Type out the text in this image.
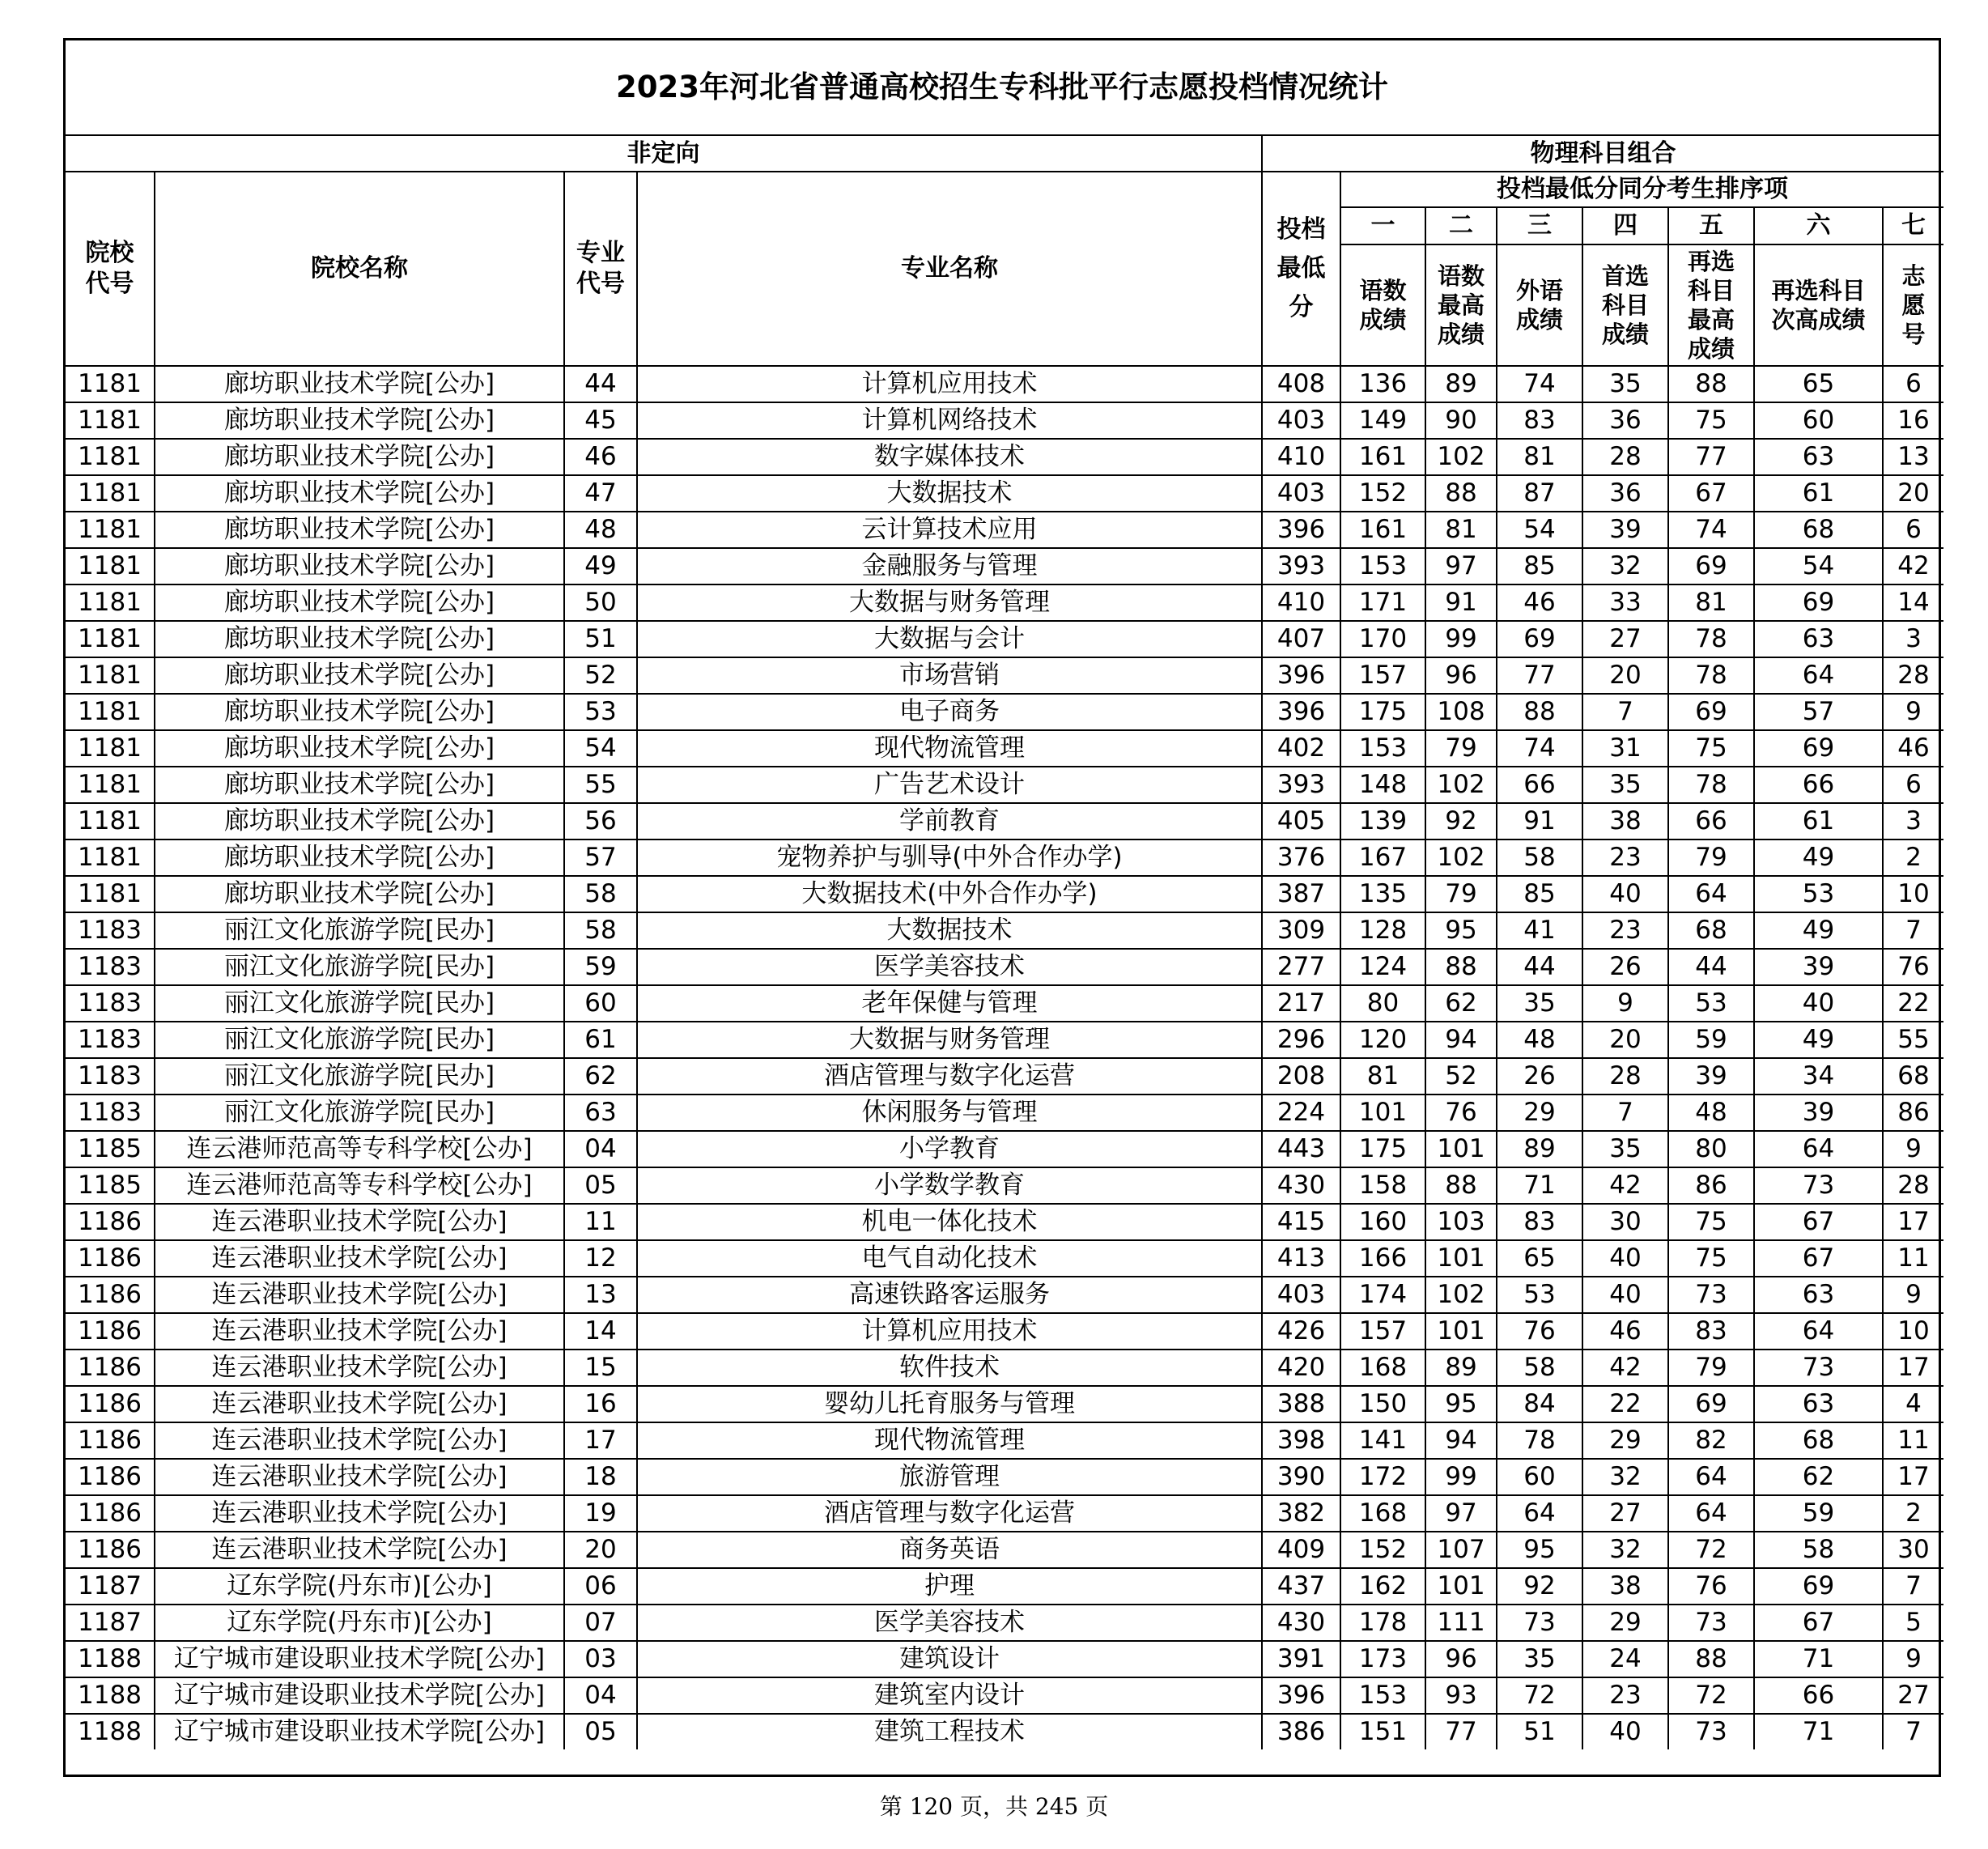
2023年河北省普通高校招生专科批平行志愿投档情况统计
非定向				物理科目组合							
院校代号	院校名称	专业代号	专业名称	投档最低分	投档最低分同分考生排序项						
					一	二	三	四	五	六	七
					语数成绩	语数最高成绩	外语成绩	首选科目成绩	再选科目最高成绩	再选科目次高成绩	志愿号

1181	廊坊职业技术学院[公办]	44	计算机应用技术	408	136	89	74	35	88	65	6
1181	廊坊职业技术学院[公办]	45	计算机网络技术	403	149	90	83	36	75	60	16
1181	廊坊职业技术学院[公办]	46	数字媒体技术	410	161	102	81	28	77	63	13
1181	廊坊职业技术学院[公办]	47	大数据技术	403	152	88	87	36	67	61	20
1181	廊坊职业技术学院[公办]	48	云计算技术应用	396	161	81	54	39	74	68	6
1181	廊坊职业技术学院[公办]	49	金融服务与管理	393	153	97	85	32	69	54	42
1181	廊坊职业技术学院[公办]	50	大数据与财务管理	410	171	91	46	33	81	69	14
1181	廊坊职业技术学院[公办]	51	大数据与会计	407	170	99	69	27	78	63	3
1181	廊坊职业技术学院[公办]	52	市场营销	396	157	96	77	20	78	64	28
1181	廊坊职业技术学院[公办]	53	电子商务	396	175	108	88	7	69	57	9
1181	廊坊职业技术学院[公办]	54	现代物流管理	402	153	79	74	31	75	69	46
1181	廊坊职业技术学院[公办]	55	广告艺术设计	393	148	102	66	35	78	66	6
1181	廊坊职业技术学院[公办]	56	学前教育	405	139	92	91	38	66	61	3
1181	廊坊职业技术学院[公办]	57	宠物养护与驯导(中外合作办学)	376	167	102	58	23	79	49	2
1181	廊坊职业技术学院[公办]	58	大数据技术(中外合作办学)	387	135	79	85	40	64	53	10
1183	丽江文化旅游学院[民办]	58	大数据技术	309	128	95	41	23	68	49	7
1183	丽江文化旅游学院[民办]	59	医学美容技术	277	124	88	44	26	44	39	76
1183	丽江文化旅游学院[民办]	60	老年保健与管理	217	80	62	35	9	53	40	22
1183	丽江文化旅游学院[民办]	61	大数据与财务管理	296	120	94	48	20	59	49	55
1183	丽江文化旅游学院[民办]	62	酒店管理与数字化运营	208	81	52	26	28	39	34	68
1183	丽江文化旅游学院[民办]	63	休闲服务与管理	224	101	76	29	7	48	39	86
1185	连云港师范高等专科学校[公办]	04	小学教育	443	175	101	89	35	80	64	9
1185	连云港师范高等专科学校[公办]	05	小学数学教育	430	158	88	71	42	86	73	28
1186	连云港职业技术学院[公办]	11	机电一体化技术	415	160	103	83	30	75	67	17
1186	连云港职业技术学院[公办]	12	电气自动化技术	413	166	101	65	40	75	67	11
1186	连云港职业技术学院[公办]	13	高速铁路客运服务	403	174	102	53	40	73	63	9
1186	连云港职业技术学院[公办]	14	计算机应用技术	426	157	101	76	46	83	64	10
1186	连云港职业技术学院[公办]	15	软件技术	420	168	89	58	42	79	73	17
1186	连云港职业技术学院[公办]	16	婴幼儿托育服务与管理	388	150	95	84	22	69	63	4
1186	连云港职业技术学院[公办]	17	现代物流管理	398	141	94	78	29	82	68	11
1186	连云港职业技术学院[公办]	18	旅游管理	390	172	99	60	32	64	62	17
1186	连云港职业技术学院[公办]	19	酒店管理与数字化运营	382	168	97	64	27	64	59	2
1186	连云港职业技术学院[公办]	20	商务英语	409	152	107	95	32	72	58	30
1187	辽东学院(丹东市)[公办]	06	护理	437	162	101	92	38	76	69	7
1187	辽东学院(丹东市)[公办]	07	医学美容技术	430	178	111	73	29	73	67	5
1188	辽宁城市建设职业技术学院[公办]	03	建筑设计	391	173	96	35	24	88	71	9
1188	辽宁城市建设职业技术学院[公办]	04	建筑室内设计	396	153	93	72	23	72	66	27
1188	辽宁城市建设职业技术学院[公办]	05	建筑工程技术	386	151	77	51	40	73	71	7
第 120 页，共 245 页
